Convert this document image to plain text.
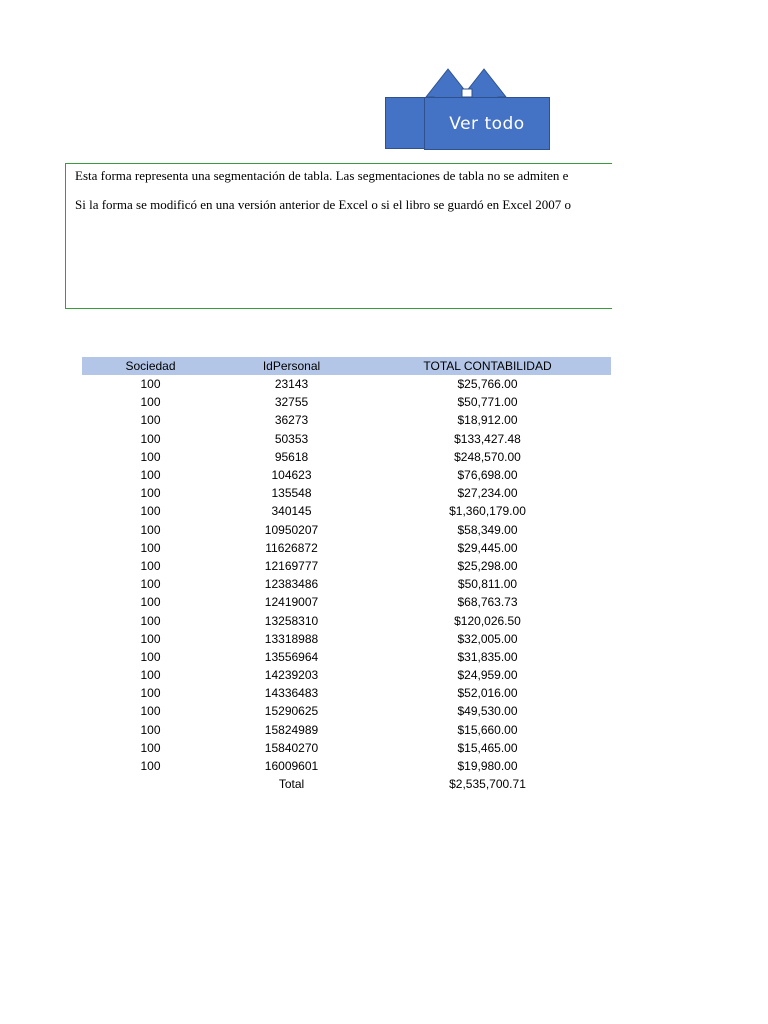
Ver todo

Esta forma representa una segmentación de tabla. Las segmentaciones de tabla no se admiten e

Si la forma se modificó en una versión anterior de Excel o si el libro se guardó en Excel 2007 o

Sociedad	IdPersonal	TOTAL CONTABILIDAD
100	23143	$25,766.00
100	32755	$50,771.00
100	36273	$18,912.00
100	50353	$133,427.48
100	95618	$248,570.00
100	104623	$76,698.00
100	135548	$27,234.00
100	340145	$1,360,179.00
100	10950207	$58,349.00
100	11626872	$29,445.00
100	12169777	$25,298.00
100	12383486	$50,811.00
100	12419007	$68,763.73
100	13258310	$120,026.50
100	13318988	$32,005.00
100	13556964	$31,835.00
100	14239203	$24,959.00
100	14336483	$52,016.00
100	15290625	$49,530.00
100	15824989	$15,660.00
100	15840270	$15,465.00
100	16009601	$19,980.00
	Total	$2,535,700.71
